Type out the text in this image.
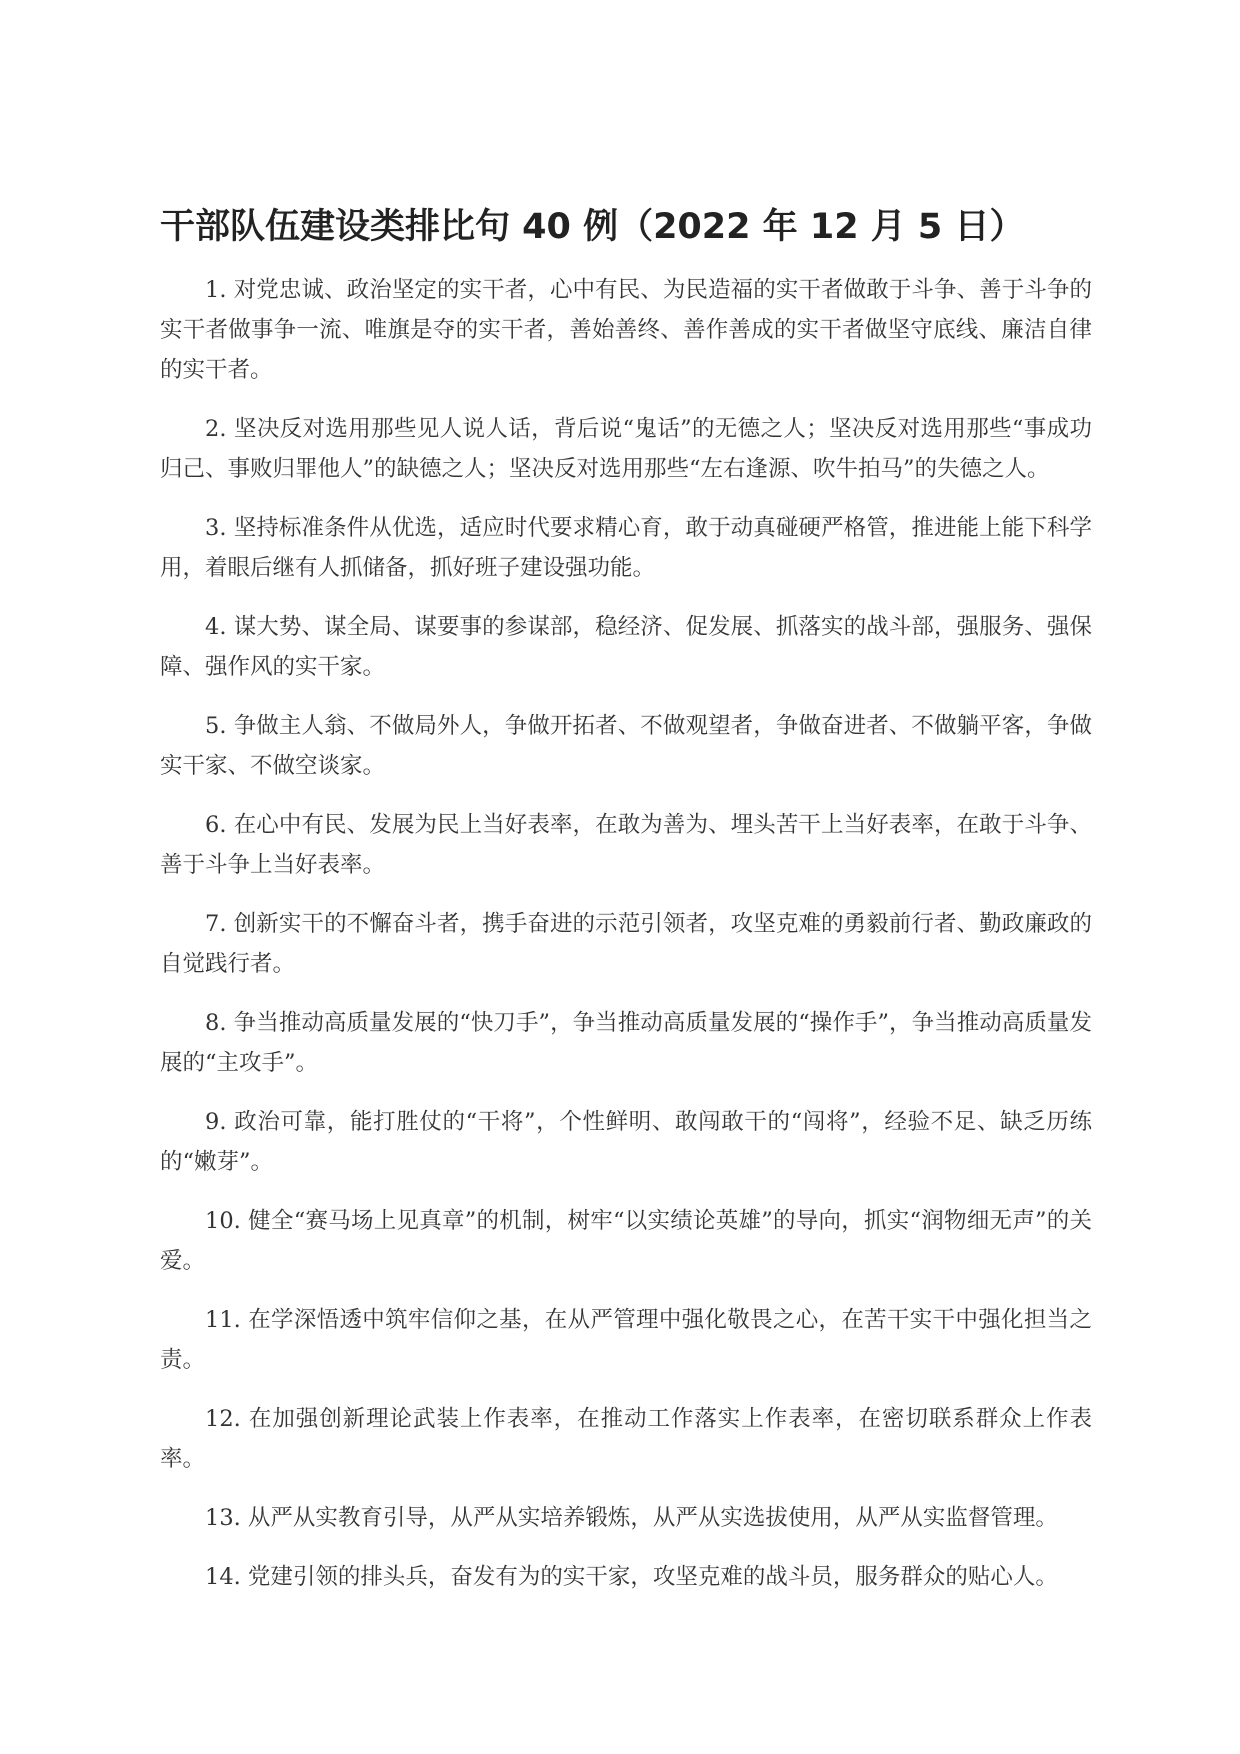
干部队伍建设类排比句 40 例（2022 年 12 月 5 日）

1. 对党忠诚、政治坚定的实干者，心中有民、为民造福的实干者做敢于斗争、善于斗争的实干者做事争一流、唯旗是夺的实干者，善始善终、善作善成的实干者做坚守底线、廉洁自律的实干者。

2. 坚决反对选用那些见人说人话，背后说“鬼话”的无德之人；坚决反对选用那些“事成功归己、事败归罪他人”的缺德之人；坚决反对选用那些“左右逢源、吹牛拍马”的失德之人。

3. 坚持标准条件从优选，适应时代要求精心育，敢于动真碰硬严格管，推进能上能下科学用，着眼后继有人抓储备，抓好班子建设强功能。

4. 谋大势、谋全局、谋要事的参谋部，稳经济、促发展、抓落实的战斗部，强服务、强保障、强作风的实干家。

5. 争做主人翁、不做局外人，争做开拓者、不做观望者，争做奋进者、不做躺平客，争做实干家、不做空谈家。

6. 在心中有民、发展为民上当好表率，在敢为善为、埋头苦干上当好表率，在敢于斗争、善于斗争上当好表率。

7. 创新实干的不懈奋斗者，携手奋进的示范引领者，攻坚克难的勇毅前行者、勤政廉政的自觉践行者。

8. 争当推动高质量发展的“快刀手”，争当推动高质量发展的“操作手”，争当推动高质量发展的“主攻手”。

9. 政治可靠，能打胜仗的“干将”，个性鲜明、敢闯敢干的“闯将”，经验不足、缺乏历练的“嫩芽”。

10. 健全“赛马场上见真章”的机制，树牢“以实绩论英雄”的导向，抓实“润物细无声”的关爱。

11. 在学深悟透中筑牢信仰之基，在从严管理中强化敬畏之心，在苦干实干中强化担当之责。

12. 在加强创新理论武装上作表率，在推动工作落实上作表率，在密切联系群众上作表率。

13. 从严从实教育引导，从严从实培养锻炼，从严从实选拔使用，从严从实监督管理。

14. 党建引领的排头兵，奋发有为的实干家，攻坚克难的战斗员，服务群众的贴心人。
